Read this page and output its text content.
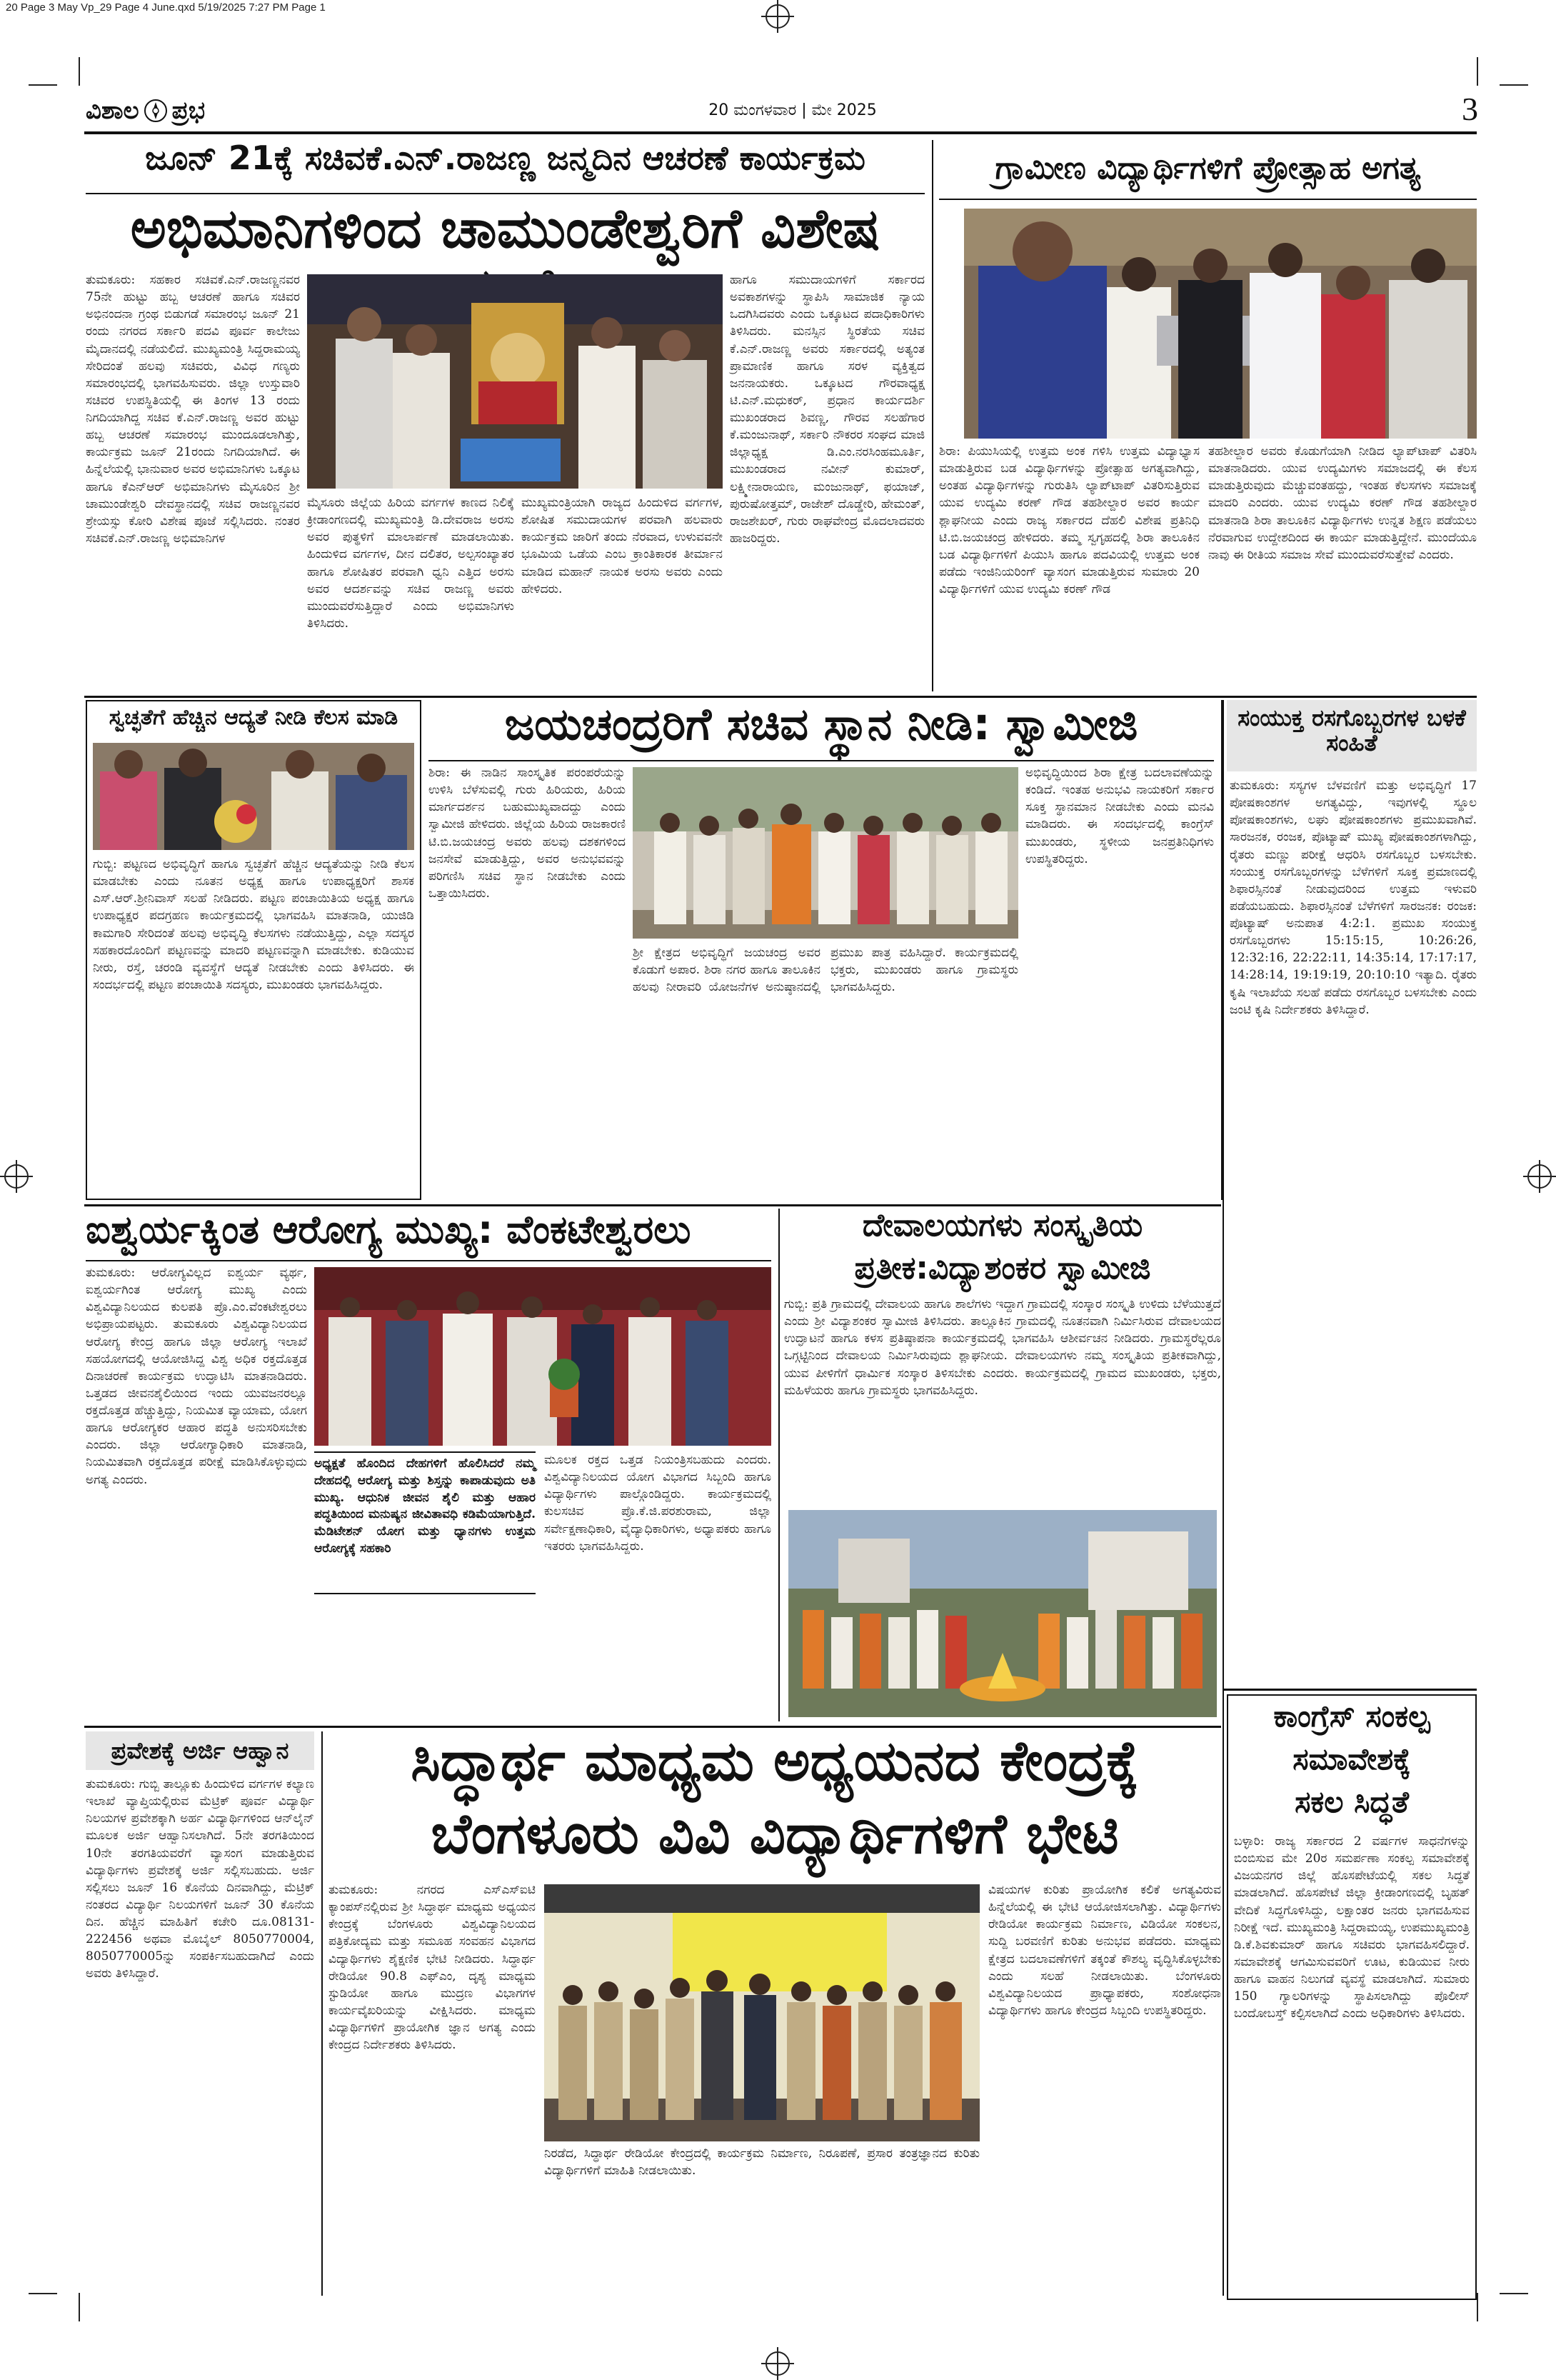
20 Page 3 May Vp_29 Page 4 June.qxd 5/19/2025 7:27 PM Page 1
ವಿಶಾಲ ಪ್ರಭ	20 ಮಂಗಳವಾರ | ಮೇ 2025	3
ಜೂನ್ 21ಕ್ಕೆ ಸಚಿವಕೆ.ಎನ್.ರಾಜಣ್ಣ ಜನ್ಮದಿನ ಆಚರಣೆ ಕಾರ್ಯಕ್ರಮ
ಅಭಿಮಾನಿಗಳಿಂದ ಚಾಮುಂಡೇಶ್ವರಿಗೆ ವಿಶೇಷ
ತುಮಕೂರು: ಸಹಕಾರ ಸಚಿವಕೆ.ಎನ್.ರಾಜಣ್ಣನವರ 75ನೇ ಹುಟ್ಟು ಹಬ್ಬ ಆಚರಣೆ ಹಾಗೂ ಸಚಿವರ ಅಭಿನಂದನಾ ಗ್ರಂಥ ಬಿಡುಗಡೆ ಸಮಾರಂಭ ಜೂನ್ 21 ರಂದು ನಗರದ ಸರ್ಕಾರಿ ಪದವಿ ಪೂರ್ವ ಕಾಲೇಜು ಮೈದಾನದಲ್ಲಿ ನಡೆಯಲಿದೆ. ಮುಖ್ಯಮಂತ್ರಿ ಸಿದ್ದರಾಮಯ್ಯ ಸೇರಿದಂತೆ ಹಲವು ಸಚಿವರು, ವಿವಿಧ ಗಣ್ಯರು ಸಮಾರಂಭದಲ್ಲಿ ಭಾಗವಹಿಸುವರು. ಜಿಲ್ಲಾ ಉಸ್ತುವಾರಿ ಸಚಿವರ ಉಪಸ್ಥಿತಿಯಲ್ಲಿ ಈ ತಿಂಗಳ 13 ರಂದು ನಿಗದಿಯಾಗಿದ್ದ ಸಚಿವ ಕೆ.ಎನ್.ರಾಜಣ್ಣ ಅವರ ಹುಟ್ಟು ಹಬ್ಬ ಆಚರಣೆ ಸಮಾರಂಭ ಮುಂದೂಡಲಾಗಿತ್ತು, ಕಾರ್ಯಕ್ರಮ ಜೂನ್ 21ರಂದು ನಿಗದಿಯಾಗಿದೆ. ಈ ಹಿನ್ನೆಲೆಯಲ್ಲಿ ಭಾನುವಾರ ಅವರ ಅಭಿಮಾನಿಗಳು ಒಕ್ಕೂಟ ಹಾಗೂ ಕೆಎನ್‌ಆರ್ ಅಭಿಮಾನಿಗಳು ಮೈಸೂರಿನ ಶ್ರೀ ಚಾಮುಂಡೇಶ್ವರಿ ದೇವಸ್ಥಾನದಲ್ಲಿ ಸಚಿವ ರಾಜಣ್ಣನವರ ಶ್ರೇಯಸ್ಸು ಕೋರಿ ವಿಶೇಷ ಪೂಜೆ ಸಲ್ಲಿಸಿದರು. ನಂತರ ಸಚಿವಕೆ.ಎನ್.ರಾಜಣ್ಣ ಅಭಿಮಾನಿಗಳ
ಮೈಸೂರು ಜಿಲ್ಲೆಯ ಹಿರಿಯ ವರ್ಗಗಳ ಕಾಣದ ನಿಲಿಕ್ಕೆ ಕ್ರೀಡಾಂಗಣದಲ್ಲಿ ಮುಖ್ಯಮಂತ್ರಿ ಡಿ.ದೇವರಾಜ ಅರಸು ಅವರ ಪುತ್ಥಳಿಗೆ ಮಾಲಾರ್ಪಣೆ ಮಾಡಲಾಯಿತು. ಹಿಂದುಳಿದ ವರ್ಗಗಳ, ದೀನ ದಲಿತರ, ಅಲ್ಪಸಂಖ್ಯಾತರ ಹಾಗೂ ಶೋಷಿತರ ಪರವಾಗಿ ಧ್ವನಿ ಎತ್ತಿದ ಅರಸು ಅವರ ಆದರ್ಶವನ್ನು ಸಚಿವ ರಾಜಣ್ಣ ಅವರು ಮುಂದುವರೆಸುತ್ತಿದ್ದಾರೆ ಎಂದು ಅಭಿಮಾನಿಗಳು ತಿಳಿಸಿದರು.
ಮುಖ್ಯಮಂತ್ರಿಯಾಗಿ ರಾಜ್ಯದ ಹಿಂದುಳಿದ ವರ್ಗಗಳ, ಶೋಷಿತ ಸಮುದಾಯಗಳ ಪರವಾಗಿ ಹಲವಾರು ಕಾರ್ಯಕ್ರಮ ಜಾರಿಗೆ ತಂದು ನೆರವಾದ, ಉಳುವವನೇ ಭೂಮಿಯ ಒಡೆಯ ಎಂಬ ಕ್ರಾಂತಿಕಾರಕ ತೀರ್ಮಾನ ಮಾಡಿದ ಮಹಾನ್ ನಾಯಕ ಅರಸು ಅವರು ಎಂದು ಹೇಳಿದರು.
ಹಾಗೂ ಸಮುದಾಯಗಳಿಗೆ ಸರ್ಕಾರದ ಅವಕಾಶಗಳನ್ನು ಸ್ಥಾಪಿಸಿ ಸಾಮಾಜಿಕ ನ್ಯಾಯ ಒದಗಿಸಿದವರು ಎಂದು ಒಕ್ಕೂಟದ ಪದಾಧಿಕಾರಿಗಳು ತಿಳಿಸಿದರು. ಮನಸ್ಸಿನ ಸ್ಥಿರತೆಯ ಸಚಿವ ಕೆ.ಎನ್.ರಾಜಣ್ಣ ಅವರು ಸರ್ಕಾರದಲ್ಲಿ ಅತ್ಯಂತ ಪ್ರಾಮಾಣಿಕ ಹಾಗೂ ಸರಳ ವ್ಯಕ್ತಿತ್ವದ ಜನನಾಯಕರು. ಒಕ್ಕೂಟದ ಗೌರವಾಧ್ಯಕ್ಷ ಟಿ.ಎನ್.ಮಧುಕರ್, ಪ್ರಧಾನ ಕಾರ್ಯದರ್ಶಿ ಮುಖಂಡರಾದ ಶಿವಣ್ಣ, ಗೌರವ ಸಲಹೆಗಾರ ಕೆ.ಮಂಜುನಾಥ್, ಸರ್ಕಾರಿ ನೌಕರರ ಸಂಘದ ಮಾಜಿ ಜಿಲ್ಲಾಧ್ಯಕ್ಷ ಡಿ.ಎಂ.ನರಸಿಂಹಮೂರ್ತಿ, ಮುಖಂಡರಾದ ನವೀನ್ ಕುಮಾರ್, ಲಕ್ಷ್ಮೀನಾರಾಯಣ, ಮಂಜುನಾಥ್, ಫಯಾಜ್, ಪುರುಷೋತ್ತಮ್, ರಾಜೇಶ್ ದೊಡ್ಡೇರಿ, ಹೇಮಂತ್, ರಾಜಶೇಖರ್, ಗುರು ರಾಘವೇಂದ್ರ ಮೊದಲಾದವರು ಹಾಜರಿದ್ದರು.
ಗ್ರಾಮೀಣ ವಿದ್ಯಾರ್ಥಿಗಳಿಗೆ ಪ್ರೋತ್ಸಾಹ ಅಗತ್ಯ
ಶಿರಾ: ಪಿಯುಸಿಯಲ್ಲಿ ಉತ್ತಮ ಅಂಕ ಗಳಿಸಿ ಉತ್ತಮ ವಿದ್ಯಾಭ್ಯಾಸ ಮಾಡುತ್ತಿರುವ ಬಡ ವಿದ್ಯಾರ್ಥಿಗಳನ್ನು ಪ್ರೋತ್ಸಾಹ ಅಗತ್ಯವಾಗಿದ್ದು, ಅಂತಹ ವಿದ್ಯಾರ್ಥಿಗಳನ್ನು ಗುರುತಿಸಿ ಲ್ಯಾಪ್‌ಟಾಪ್ ವಿತರಿಸುತ್ತಿರುವ ಯುವ ಉದ್ಯಮಿ ಕರಣ್ ಗೌಡ ತಹಶೀಲ್ದಾರ ಅವರ ಕಾರ್ಯ ಶ್ಲಾಘನೀಯ ಎಂದು ರಾಜ್ಯ ಸರ್ಕಾರದ ದೆಹಲಿ ವಿಶೇಷ ಪ್ರತಿನಿಧಿ ಟಿ.ಬಿ.ಜಯಚಂದ್ರ ಹೇಳಿದರು. ತಮ್ಮ ಸ್ವಗೃಹದಲ್ಲಿ ಶಿರಾ ತಾಲೂಕಿನ ಬಡ ವಿದ್ಯಾರ್ಥಿಗಳಿಗೆ ಪಿಯುಸಿ ಹಾಗೂ ಪದವಿಯಲ್ಲಿ ಉತ್ತಮ ಅಂಕ ಪಡೆದು ಇಂಜಿನಿಯರಿಂಗ್ ವ್ಯಾಸಂಗ ಮಾಡುತ್ತಿರುವ ಸುಮಾರು 20 ವಿದ್ಯಾರ್ಥಿಗಳಿಗೆ ಯುವ ಉದ್ಯಮಿ ಕರಣ್ ಗೌಡ
ತಹಶೀಲ್ದಾರ ಅವರು ಕೊಡುಗೆಯಾಗಿ ನೀಡಿದ ಲ್ಯಾಪ್‌ಟಾಪ್ ವಿತರಿಸಿ ಮಾತನಾಡಿದರು. ಯುವ ಉದ್ಯಮಿಗಳು ಸಮಾಜದಲ್ಲಿ ಈ ಕೆಲಸ ಮಾಡುತ್ತಿರುವುದು ಮೆಚ್ಚುವಂತಹದ್ದು, ಇಂತಹ ಕೆಲಸಗಳು ಸಮಾಜಕ್ಕೆ ಮಾದರಿ ಎಂದರು. ಯುವ ಉದ್ಯಮಿ ಕರಣ್ ಗೌಡ ತಹಶೀಲ್ದಾರ ಮಾತನಾಡಿ ಶಿರಾ ತಾಲೂಕಿನ ವಿದ್ಯಾರ್ಥಿಗಳು ಉನ್ನತ ಶಿಕ್ಷಣ ಪಡೆಯಲು ನೆರವಾಗುವ ಉದ್ದೇಶದಿಂದ ಈ ಕಾರ್ಯ ಮಾಡುತ್ತಿದ್ದೇನೆ. ಮುಂದೆಯೂ ನಾವು ಈ ರೀತಿಯ ಸಮಾಜ ಸೇವೆ ಮುಂದುವರೆಸುತ್ತೇವೆ ಎಂದರು.
ಸ್ವಚ್ಛತೆಗೆ ಹೆಚ್ಚಿನ ಆದ್ಯತೆ ನೀಡಿ ಕೆಲಸ ಮಾಡಿ
ಗುಬ್ಬಿ: ಪಟ್ಟಣದ ಅಭಿವೃದ್ಧಿಗೆ ಹಾಗೂ ಸ್ವಚ್ಛತೆಗೆ ಹೆಚ್ಚಿನ ಆದ್ಯತೆಯನ್ನು ನೀಡಿ ಕೆಲಸ ಮಾಡಬೇಕು ಎಂದು ನೂತನ ಅಧ್ಯಕ್ಷ ಹಾಗೂ ಉಪಾಧ್ಯಕ್ಷರಿಗೆ ಶಾಸಕ ಎಸ್.ಆರ್.ಶ್ರೀನಿವಾಸ್ ಸಲಹೆ ನೀಡಿದರು. ಪಟ್ಟಣ ಪಂಚಾಯಿತಿಯ ಅಧ್ಯಕ್ಷ ಹಾಗೂ ಉಪಾಧ್ಯಕ್ಷರ ಪದಗ್ರಹಣ ಕಾರ್ಯಕ್ರಮದಲ್ಲಿ ಭಾಗವಹಿಸಿ ಮಾತನಾಡಿ, ಯುಜಿಡಿ ಕಾಮಗಾರಿ ಸೇರಿದಂತೆ ಹಲವು ಅಭಿವೃದ್ಧಿ ಕೆಲಸಗಳು ನಡೆಯುತ್ತಿದ್ದು, ಎಲ್ಲಾ ಸದಸ್ಯರ ಸಹಕಾರದೊಂದಿಗೆ ಪಟ್ಟಣವನ್ನು ಮಾದರಿ ಪಟ್ಟಣವನ್ನಾಗಿ ಮಾಡಬೇಕು. ಕುಡಿಯುವ ನೀರು, ರಸ್ತೆ, ಚರಂಡಿ ವ್ಯವಸ್ಥೆಗೆ ಆದ್ಯತೆ ನೀಡಬೇಕು ಎಂದು ತಿಳಿಸಿದರು. ಈ ಸಂದರ್ಭದಲ್ಲಿ ಪಟ್ಟಣ ಪಂಚಾಯಿತಿ ಸದಸ್ಯರು, ಮುಖಂಡರು ಭಾಗವಹಿಸಿದ್ದರು.
ಜಯಚಂದ್ರರಿಗೆ ಸಚಿವ ಸ್ಥಾನ ನೀಡಿ: ಸ್ವಾಮೀಜಿ
ಶಿರಾ: ಈ ನಾಡಿನ ಸಾಂಸ್ಕೃತಿಕ ಪರಂಪರೆಯನ್ನು ಉಳಿಸಿ ಬೆಳೆಸುವಲ್ಲಿ ಗುರು ಹಿರಿಯರು, ಹಿರಿಯ ಮಾರ್ಗದರ್ಶನ ಬಹುಮುಖ್ಯವಾದದ್ದು ಎಂದು ಸ್ವಾಮೀಜಿ ಹೇಳಿದರು. ಜಿಲ್ಲೆಯ ಹಿರಿಯ ರಾಜಕಾರಣಿ ಟಿ.ಬಿ.ಜಯಚಂದ್ರ ಅವರು ಹಲವು ದಶಕಗಳಿಂದ ಜನಸೇವೆ ಮಾಡುತ್ತಿದ್ದು, ಅವರ ಅನುಭವವನ್ನು ಪರಿಗಣಿಸಿ ಸಚಿವ ಸ್ಥಾನ ನೀಡಬೇಕು ಎಂದು ಒತ್ತಾಯಿಸಿದರು.
ಶ್ರೀ ಕ್ಷೇತ್ರದ ಅಭಿವೃದ್ಧಿಗೆ ಜಯಚಂದ್ರ ಅವರ ಕೊಡುಗೆ ಅಪಾರ. ಶಿರಾ ನಗರ ಹಾಗೂ ತಾಲೂಕಿನ ಹಲವು ನೀರಾವರಿ ಯೋಜನೆಗಳ ಅನುಷ್ಠಾನದಲ್ಲಿ ಪ್ರಮುಖ ಪಾತ್ರ ವಹಿಸಿದ್ದಾರೆ. ಕಾರ್ಯಕ್ರಮದಲ್ಲಿ ಭಕ್ತರು, ಮುಖಂಡರು ಹಾಗೂ ಗ್ರಾಮಸ್ಥರು ಭಾಗವಹಿಸಿದ್ದರು.
ಅಭಿವೃದ್ಧಿಯಿಂದ ಶಿರಾ ಕ್ಷೇತ್ರ ಬದಲಾವಣೆಯನ್ನು ಕಂಡಿದೆ. ಇಂತಹ ಅನುಭವಿ ನಾಯಕರಿಗೆ ಸರ್ಕಾರ ಸೂಕ್ತ ಸ್ಥಾನಮಾನ ನೀಡಬೇಕು ಎಂದು ಮನವಿ ಮಾಡಿದರು. ಈ ಸಂದರ್ಭದಲ್ಲಿ ಕಾಂಗ್ರೆಸ್ ಮುಖಂಡರು, ಸ್ಥಳೀಯ ಜನಪ್ರತಿನಿಧಿಗಳು ಉಪಸ್ಥಿತರಿದ್ದರು.
ಸಂಯುಕ್ತ ರಸಗೊಬ್ಬರಗಳ ಬಳಕೆ ಸಂಹಿತೆ
ತುಮಕೂರು: ಸಸ್ಯಗಳ ಬೆಳವಣಿಗೆ ಮತ್ತು ಅಭಿವೃದ್ಧಿಗೆ 17 ಪೋಷಕಾಂಶಗಳ ಅಗತ್ಯವಿದ್ದು, ಇವುಗಳಲ್ಲಿ ಸ್ಥೂಲ ಪೋಷಕಾಂಶಗಳು, ಲಘು ಪೋಷಕಾಂಶಗಳು ಪ್ರಮುಖವಾಗಿವೆ. ಸಾರಜನಕ, ರಂಜಕ, ಪೊಟ್ಯಾಷ್ ಮುಖ್ಯ ಪೋಷಕಾಂಶಗಳಾಗಿದ್ದು, ರೈತರು ಮಣ್ಣು ಪರೀಕ್ಷೆ ಆಧರಿಸಿ ರಸಗೊಬ್ಬರ ಬಳಸಬೇಕು. ಸಂಯುಕ್ತ ರಸಗೊಬ್ಬರಗಳನ್ನು ಬೆಳೆಗಳಿಗೆ ಸೂಕ್ತ ಪ್ರಮಾಣದಲ್ಲಿ ಶಿಫಾರಸ್ಸಿನಂತೆ ನೀಡುವುದರಿಂದ ಉತ್ತಮ ಇಳುವರಿ ಪಡೆಯಬಹುದು. ಶಿಫಾರಸ್ಸಿನಂತೆ ಬೆಳೆಗಳಿಗೆ ಸಾರಜನಕ: ರಂಜಕ: ಪೊಟ್ಯಾಷ್ ಅನುಪಾತ 4:2:1. ಪ್ರಮುಖ ಸಂಯುಕ್ತ ರಸಗೊಬ್ಬರಗಳು 15:15:15, 10:26:26, 12:32:16, 22:22:11, 14:35:14, 17:17:17, 14:28:14, 19:19:19, 20:10:10 ಇತ್ಯಾದಿ. ರೈತರು ಕೃಷಿ ಇಲಾಖೆಯ ಸಲಹೆ ಪಡೆದು ರಸಗೊಬ್ಬರ ಬಳಸಬೇಕು ಎಂದು ಜಂಟಿ ಕೃಷಿ ನಿರ್ದೇಶಕರು ತಿಳಿಸಿದ್ದಾರೆ.
ಐಶ್ವರ್ಯಕ್ಕಿಂತ ಆರೋಗ್ಯ ಮುಖ್ಯ: ವೆಂಕಟೇಶ್ವರಲು
ತುಮಕೂರು: ಆರೋಗ್ಯವಿಲ್ಲದ ಐಶ್ವರ್ಯ ವ್ಯರ್ಥ, ಐಶ್ವರ್ಯಗಿಂತ ಆರೋಗ್ಯ ಮುಖ್ಯ ಎಂದು ವಿಶ್ವವಿದ್ಯಾನಿಲಯದ ಕುಲಪತಿ ಪ್ರೊ.ಎಂ.ವೆಂಕಟೇಶ್ವರಲು ಅಭಿಪ್ರಾಯಪಟ್ಟರು. ತುಮಕೂರು ವಿಶ್ವವಿದ್ಯಾನಿಲಯದ ಆರೋಗ್ಯ ಕೇಂದ್ರ ಹಾಗೂ ಜಿಲ್ಲಾ ಆರೋಗ್ಯ ಇಲಾಖೆ ಸಹಯೋಗದಲ್ಲಿ ಆಯೋಜಿಸಿದ್ದ ವಿಶ್ವ ಅಧಿಕ ರಕ್ತದೊತ್ತಡ ದಿನಾಚರಣೆ ಕಾರ್ಯಕ್ರಮ ಉದ್ಘಾಟಿಸಿ ಮಾತನಾಡಿದರು. ಒತ್ತಡದ ಜೀವನಶೈಲಿಯಿಂದ ಇಂದು ಯುವಜನರಲ್ಲೂ ರಕ್ತದೊತ್ತಡ ಹೆಚ್ಚುತ್ತಿದ್ದು, ನಿಯಮಿತ ವ್ಯಾಯಾಮ, ಯೋಗ ಹಾಗೂ ಆರೋಗ್ಯಕರ ಆಹಾರ ಪದ್ಧತಿ ಅನುಸರಿಸಬೇಕು ಎಂದರು. ಜಿಲ್ಲಾ ಆರೋಗ್ಯಾಧಿಕಾರಿ ಮಾತನಾಡಿ, ನಿಯಮಿತವಾಗಿ ರಕ್ತದೊತ್ತಡ ಪರೀಕ್ಷೆ ಮಾಡಿಸಿಕೊಳ್ಳುವುದು ಅಗತ್ಯ ಎಂದರು.
ಅಧ್ಯಕ್ಷತೆ ಹೊಂದಿದ ದೇಹಗಳಿಗೆ ಹೊಲಿಸಿದರೆ ನಮ್ಮ ದೇಹದಲ್ಲಿ ಆರೋಗ್ಯ ಮತ್ತು ಶಿಸ್ತನ್ನು ಕಾಪಾಡುವುದು ಅತಿ ಮುಖ್ಯ. ಆಧುನಿಕ ಜೀವನ ಶೈಲಿ ಮತ್ತು ಆಹಾರ ಪದ್ಧತಿಯಿಂದ ಮನುಷ್ಯನ ಜೀವಿತಾವಧಿ ಕಡಿಮೆಯಾಗುತ್ತಿದೆ. ಮೆಡಿಟೇಶನ್ ಯೋಗ ಮತ್ತು ಧ್ಯಾನಗಳು ಉತ್ತಮ ಆರೋಗ್ಯಕ್ಕೆ ಸಹಕಾರಿ
ಮೂಲಕ ರಕ್ತದ ಒತ್ತಡ ನಿಯಂತ್ರಿಸಬಹುದು ಎಂದರು. ವಿಶ್ವವಿದ್ಯಾನಿಲಯದ ಯೋಗ ವಿಭಾಗದ ಸಿಬ್ಬಂದಿ ಹಾಗೂ ವಿದ್ಯಾರ್ಥಿಗಳು ಪಾಲ್ಗೊಂಡಿದ್ದರು. ಕಾರ್ಯಕ್ರಮದಲ್ಲಿ ಕುಲಸಚಿವ ಪ್ರೊ.ಕೆ.ಜಿ.ಪರಶುರಾಮ, ಜಿಲ್ಲಾ ಸರ್ವೇಕ್ಷಣಾಧಿಕಾರಿ, ವೈದ್ಯಾಧಿಕಾರಿಗಳು, ಅಧ್ಯಾಪಕರು ಹಾಗೂ ಇತರರು ಭಾಗವಹಿಸಿದ್ದರು.
ದೇವಾಲಯಗಳು ಸಂಸ್ಕೃತಿಯ
ಪ್ರತೀಕ:ವಿದ್ಯಾಶಂಕರ ಸ್ವಾಮೀಜಿ
ಗುಬ್ಬಿ: ಪ್ರತಿ ಗ್ರಾಮದಲ್ಲಿ ದೇವಾಲಯ ಹಾಗೂ ಶಾಲೆಗಳು ಇದ್ದಾಗ ಗ್ರಾಮದಲ್ಲಿ ಸಂಸ್ಕಾರ ಸಂಸ್ಕೃತಿ ಉಳಿದು ಬೆಳೆಯುತ್ತದೆ ಎಂದು ಶ್ರೀ ವಿದ್ಯಾಶಂಕರ ಸ್ವಾಮೀಜಿ ತಿಳಿಸಿದರು. ತಾಲ್ಲೂಕಿನ ಗ್ರಾಮದಲ್ಲಿ ನೂತನವಾಗಿ ನಿರ್ಮಿಸಿರುವ ದೇವಾಲಯದ ಉದ್ಘಾಟನೆ ಹಾಗೂ ಕಳಸ ಪ್ರತಿಷ್ಠಾಪನಾ ಕಾರ್ಯಕ್ರಮದಲ್ಲಿ ಭಾಗವಹಿಸಿ ಆಶೀರ್ವಚನ ನೀಡಿದರು. ಗ್ರಾಮಸ್ಥರೆಲ್ಲರೂ ಒಗ್ಗಟ್ಟಿನಿಂದ ದೇವಾಲಯ ನಿರ್ಮಿಸಿರುವುದು ಶ್ಲಾಘನೀಯ. ದೇವಾಲಯಗಳು ನಮ್ಮ ಸಂಸ್ಕೃತಿಯ ಪ್ರತೀಕವಾಗಿದ್ದು, ಯುವ ಪೀಳಿಗೆಗೆ ಧಾರ್ಮಿಕ ಸಂಸ್ಕಾರ ತಿಳಿಸಬೇಕು ಎಂದರು. ಕಾರ್ಯಕ್ರಮದಲ್ಲಿ ಗ್ರಾಮದ ಮುಖಂಡರು, ಭಕ್ತರು, ಮಹಿಳೆಯರು ಹಾಗೂ ಗ್ರಾಮಸ್ಥರು ಭಾಗವಹಿಸಿದ್ದರು.
ಕಾಂಗ್ರೆಸ್ ಸಂಕಲ್ಪ
ಸಮಾವೇಶಕ್ಕೆ
ಸಕಲ ಸಿದ್ಧತೆ
ಬಳ್ಳಾರಿ: ರಾಜ್ಯ ಸರ್ಕಾರದ 2 ವರ್ಷಗಳ ಸಾಧನೆಗಳನ್ನು ಬಿಂಬಿಸುವ ಮೇ 20ರ ಸಮರ್ಪಣಾ ಸಂಕಲ್ಪ ಸಮಾವೇಶಕ್ಕೆ ವಿಜಯನಗರ ಜಿಲ್ಲೆ ಹೊಸಪೇಟೆಯಲ್ಲಿ ಸಕಲ ಸಿದ್ಧತೆ ಮಾಡಲಾಗಿದೆ. ಹೊಸಪೇಟೆ ಜಿಲ್ಲಾ ಕ್ರೀಡಾಂಗಣದಲ್ಲಿ ಬೃಹತ್ ವೇದಿಕೆ ಸಿದ್ಧಗೊಳಿಸಿದ್ದು, ಲಕ್ಷಾಂತರ ಜನರು ಭಾಗವಹಿಸುವ ನಿರೀಕ್ಷೆ ಇದೆ. ಮುಖ್ಯಮಂತ್ರಿ ಸಿದ್ದರಾಮಯ್ಯ, ಉಪಮುಖ್ಯಮಂತ್ರಿ ಡಿ.ಕೆ.ಶಿವಕುಮಾರ್ ಹಾಗೂ ಸಚಿವರು ಭಾಗವಹಿಸಲಿದ್ದಾರೆ. ಸಮಾವೇಶಕ್ಕೆ ಆಗಮಿಸುವವರಿಗೆ ಊಟ, ಕುಡಿಯುವ ನೀರು ಹಾಗೂ ವಾಹನ ನಿಲುಗಡೆ ವ್ಯವಸ್ಥೆ ಮಾಡಲಾಗಿದೆ. ಸುಮಾರು 150 ಗ್ಯಾಲರಿಗಳನ್ನು ಸ್ಥಾಪಿಸಲಾಗಿದ್ದು ಪೊಲೀಸ್ ಬಂದೋಬಸ್ತ್ ಕಲ್ಪಿಸಲಾಗಿದೆ ಎಂದು ಅಧಿಕಾರಿಗಳು ತಿಳಿಸಿದರು.
ಪ್ರವೇಶಕ್ಕೆ ಅರ್ಜಿ ಆಹ್ವಾನ
ತುಮಕೂರು: ಗುಬ್ಬಿ ತಾಲ್ಲೂಕು ಹಿಂದುಳಿದ ವರ್ಗಗಳ ಕಲ್ಯಾಣ ಇಲಾಖೆ ವ್ಯಾಪ್ತಿಯಲ್ಲಿರುವ ಮೆಟ್ರಿಕ್ ಪೂರ್ವ ವಿದ್ಯಾರ್ಥಿ ನಿಲಯಗಳ ಪ್ರವೇಶಕ್ಕಾಗಿ ಅರ್ಹ ವಿದ್ಯಾರ್ಥಿಗಳಿಂದ ಆನ್‌ಲೈನ್ ಮೂಲಕ ಅರ್ಜಿ ಆಹ್ವಾನಿಸಲಾಗಿದೆ. 5ನೇ ತರಗತಿಯಿಂದ 10ನೇ ತರಗತಿಯವರೆಗೆ ವ್ಯಾಸಂಗ ಮಾಡುತ್ತಿರುವ ವಿದ್ಯಾರ್ಥಿಗಳು ಪ್ರವೇಶಕ್ಕೆ ಅರ್ಜಿ ಸಲ್ಲಿಸಬಹುದು. ಅರ್ಜಿ ಸಲ್ಲಿಸಲು ಜೂನ್ 16 ಕೊನೆಯ ದಿನವಾಗಿದ್ದು, ಮೆಟ್ರಿಕ್ ನಂತರದ ವಿದ್ಯಾರ್ಥಿ ನಿಲಯಗಳಿಗೆ ಜೂನ್ 30 ಕೊನೆಯ ದಿನ. ಹೆಚ್ಚಿನ ಮಾಹಿತಿಗೆ ಕಚೇರಿ ದೂ.08131-222456 ಅಥವಾ ಮೊಬೈಲ್ 8050770004, 8050770005ನ್ನು ಸಂಪರ್ಕಿಸಬಹುದಾಗಿದೆ ಎಂದು ಅವರು ತಿಳಿಸಿದ್ದಾರೆ.
ಸಿದ್ಧಾರ್ಥ ಮಾಧ್ಯಮ ಅಧ್ಯಯನದ ಕೇಂದ್ರಕ್ಕೆ
ಬೆಂಗಳೂರು ವಿವಿ ವಿದ್ಯಾರ್ಥಿಗಳಿಗೆ ಭೇಟಿ
ತುಮಕೂರು: ನಗರದ ಎಸ್‌ಎಸ್‌ಐಟಿ ಕ್ಯಾಂಪಸ್‌ನಲ್ಲಿರುವ ಶ್ರೀ ಸಿದ್ಧಾರ್ಥ ಮಾಧ್ಯಮ ಅಧ್ಯಯನ ಕೇಂದ್ರಕ್ಕೆ ಬೆಂಗಳೂರು ವಿಶ್ವವಿದ್ಯಾನಿಲಯದ ಪತ್ರಿಕೋದ್ಯಮ ಮತ್ತು ಸಮೂಹ ಸಂವಹನ ವಿಭಾಗದ ವಿದ್ಯಾರ್ಥಿಗಳು ಶೈಕ್ಷಣಿಕ ಭೇಟಿ ನೀಡಿದರು. ಸಿದ್ಧಾರ್ಥ ರೇಡಿಯೋ 90.8 ಎಫ್‌ಎಂ, ದೃಶ್ಯ ಮಾಧ್ಯಮ ಸ್ಟುಡಿಯೋ ಹಾಗೂ ಮುದ್ರಣ ವಿಭಾಗಗಳ ಕಾರ್ಯವೈಖರಿಯನ್ನು ವೀಕ್ಷಿಸಿದರು. ಮಾಧ್ಯಮ ವಿದ್ಯಾರ್ಥಿಗಳಿಗೆ ಪ್ರಾಯೋಗಿಕ ಜ್ಞಾನ ಅಗತ್ಯ ಎಂದು ಕೇಂದ್ರದ ನಿರ್ದೇಶಕರು ತಿಳಿಸಿದರು.
ನಿರಡೆದ, ಸಿದ್ಧಾರ್ಥ ರೇಡಿಯೋ ಕೇಂದ್ರದಲ್ಲಿ ಕಾರ್ಯಕ್ರಮ ನಿರ್ಮಾಣ, ನಿರೂಪಣೆ, ಪ್ರಸಾರ ತಂತ್ರಜ್ಞಾನದ ಕುರಿತು ವಿದ್ಯಾರ್ಥಿಗಳಿಗೆ ಮಾಹಿತಿ ನೀಡಲಾಯಿತು.
ವಿಷಯಗಳ ಕುರಿತು ಪ್ರಾಯೋಗಿಕ ಕಲಿಕೆ ಅಗತ್ಯವಿರುವ ಹಿನ್ನೆಲೆಯಲ್ಲಿ ಈ ಭೇಟಿ ಆಯೋಜಿಸಲಾಗಿತ್ತು. ವಿದ್ಯಾರ್ಥಿಗಳು ರೇಡಿಯೋ ಕಾರ್ಯಕ್ರಮ ನಿರ್ಮಾಣ, ವಿಡಿಯೋ ಸಂಕಲನ, ಸುದ್ದಿ ಬರವಣಿಗೆ ಕುರಿತು ಅನುಭವ ಪಡೆದರು. ಮಾಧ್ಯಮ ಕ್ಷೇತ್ರದ ಬದಲಾವಣೆಗಳಿಗೆ ತಕ್ಕಂತೆ ಕೌಶಲ್ಯ ವೃದ್ಧಿಸಿಕೊಳ್ಳಬೇಕು ಎಂದು ಸಲಹೆ ನೀಡಲಾಯಿತು. ಬೆಂಗಳೂರು ವಿಶ್ವವಿದ್ಯಾನಿಲಯದ ಪ್ರಾಧ್ಯಾಪಕರು, ಸಂಶೋಧನಾ ವಿದ್ಯಾರ್ಥಿಗಳು ಹಾಗೂ ಕೇಂದ್ರದ ಸಿಬ್ಬಂದಿ ಉಪಸ್ಥಿತರಿದ್ದರು.
